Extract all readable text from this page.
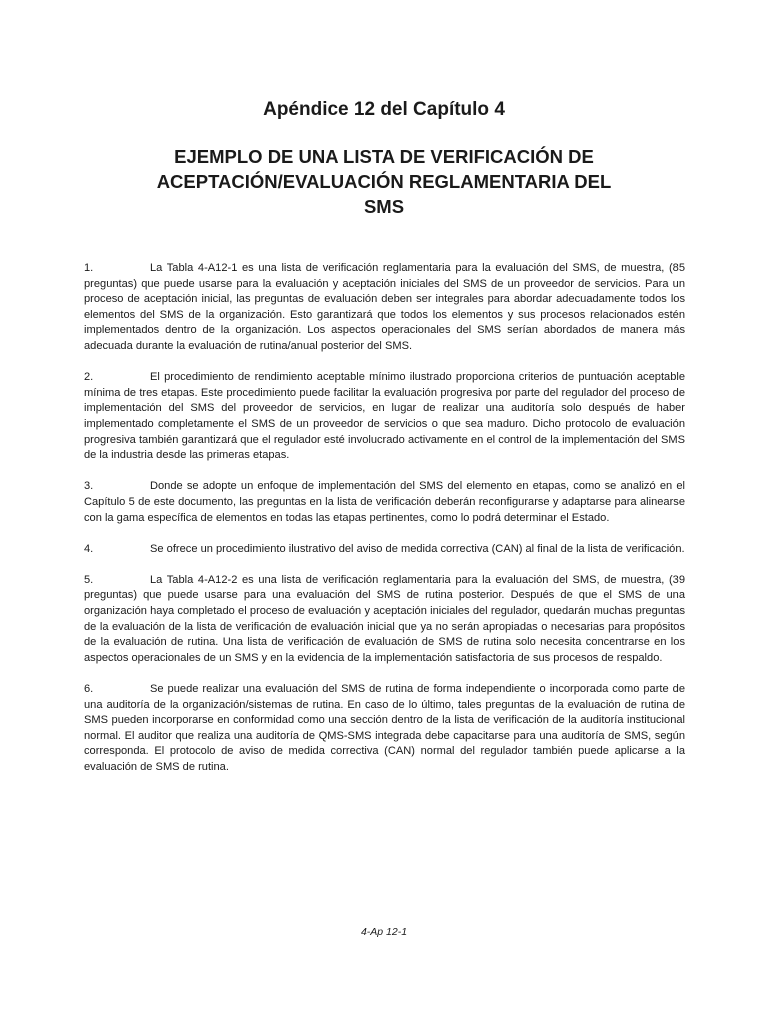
Apéndice 12 del Capítulo 4
EJEMPLO DE UNA LISTA DE VERIFICACIÓN DE
ACEPTACIÓN/EVALUACIÓN REGLAMENTARIA DEL
SMS

1.	La Tabla 4-A12-1 es una lista de verificación reglamentaria para la evaluación del SMS, de muestra, (85 preguntas) que puede usarse para la evaluación y aceptación iniciales del SMS de un proveedor de servicios. Para un proceso de aceptación inicial, las preguntas de evaluación deben ser integrales para abordar adecuadamente todos los elementos del SMS de la organización. Esto garantizará que todos los elementos y sus procesos relacionados estén implementados dentro de la organización. Los aspectos operacionales del SMS serían abordados de manera más adecuada durante la evaluación de rutina/anual posterior del SMS.

2.	El procedimiento de rendimiento aceptable mínimo ilustrado proporciona criterios de puntuación aceptable mínima de tres etapas. Este procedimiento puede facilitar la evaluación progresiva por parte del regulador del proceso de implementación del SMS del proveedor de servicios, en lugar de realizar una auditoría solo después de haber implementado completamente el SMS de un proveedor de servicios o que sea maduro. Dicho protocolo de evaluación progresiva también garantizará que el regulador esté involucrado activamente en el control de la implementación del SMS de la industria desde las primeras etapas.

3.	Donde se adopte un enfoque de implementación del SMS del elemento en etapas, como se analizó en el Capítulo 5 de este documento, las preguntas en la lista de verificación deberán reconfigurarse y adaptarse para alinearse con la gama específica de elementos en todas las etapas pertinentes, como lo podrá determinar el Estado.

4.	Se ofrece un procedimiento ilustrativo del aviso de medida correctiva (CAN) al final de la lista de verificación.

5.	La Tabla 4-A12-2 es una lista de verificación reglamentaria para la evaluación del SMS, de muestra, (39 preguntas) que puede usarse para una evaluación del SMS de rutina posterior. Después de que el SMS de una organización haya completado el proceso de evaluación y aceptación iniciales del regulador, quedarán muchas preguntas de la evaluación de la lista de verificación de evaluación inicial que ya no serán apropiadas o necesarias para propósitos de la evaluación de rutina. Una lista de verificación de evaluación de SMS de rutina solo necesita concentrarse en los aspectos operacionales de un SMS y en la evidencia de la implementación satisfactoria de sus procesos de respaldo.

6.	Se puede realizar una evaluación del SMS de rutina de forma independiente o incorporada como parte de una auditoría de la organización/sistemas de rutina. En caso de lo último, tales preguntas de la evaluación de rutina de SMS pueden incorporarse en conformidad como una sección dentro de la lista de verificación de la auditoría institucional normal. El auditor que realiza una auditoría de QMS-SMS integrada debe capacitarse para una auditoría de SMS, según corresponda. El protocolo de aviso de medida correctiva (CAN) normal del regulador también puede aplicarse a la evaluación de SMS de rutina.

4-Ap 12-1
